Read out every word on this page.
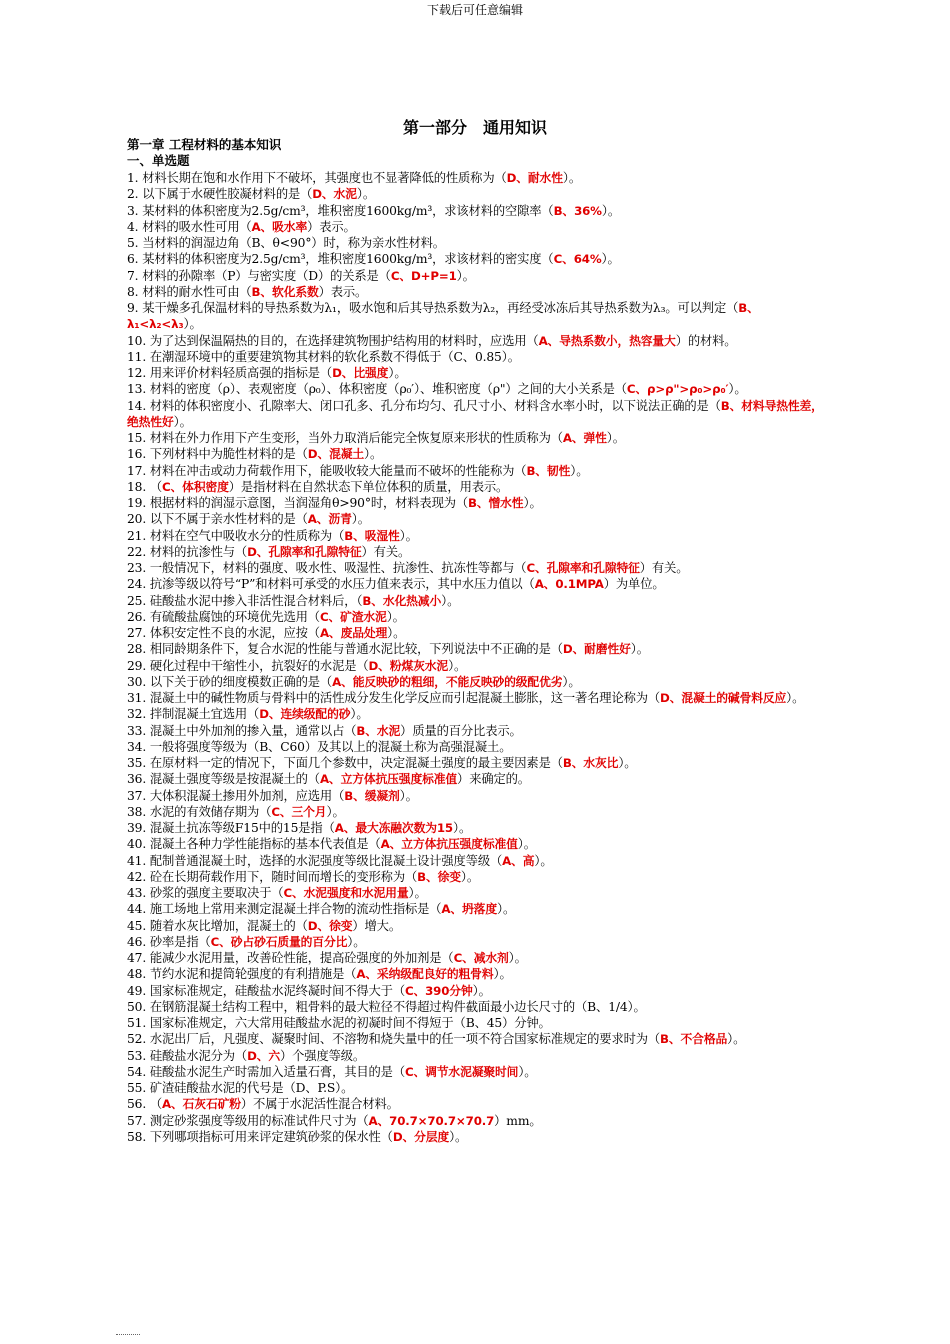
下载后可任意编辑
第一部分　通用知识
第一章 工程材料的基本知识
一、单选题

1. 材料长期在饱和水作用下不破坏，其强度也不显著降低的性质称为（D、耐水性）。

2. 以下属于水硬性胶凝材料的是（D、水泥）。

3. 某材料的体积密度为2.5g/cm³，堆积密度1600kg/m³，求该材料的空隙率（B、36%）。

4. 材料的吸水性可用（A、吸水率）表示。

5. 当材料的润湿边角（B、θ<90°）时，称为亲水性材料。

6. 某材料的体积密度为2.5g/cm³，堆积密度1600kg/m³，求该材料的密实度（C、64%）。

7. 材料的孙隙率（P）与密实度（D）的关系是（C、D+P=1）。

8. 材料的耐水性可由（B、软化系数）表示。

9. 某干燥多孔保温材料的导热系数为λ₁，吸水饱和后其导热系数为λ₂，再经受冰冻后其导热系数为λ₃。可以判定（B、λ₁<λ₂<λ₃）。

10. 为了达到保温隔热的目的，在选择建筑物围护结构用的材料时，应选用（A、导热系数小，热容量大）的材料。

11. 在潮湿环境中的重要建筑物其材料的软化系数不得低于（C、0.85）。

12. 用来评价材料轻质高强的指标是（D、比强度）。

13. 材料的密度（ρ）、表观密度（ρ₀）、体积密度（ρ₀′）、堆积密度（ρ"）之间的大小关系是（C、ρ>ρ">ρ₀>ρ₀′）。

14. 材料的体积密度小、孔隙率大、闭口孔多、孔分布均匀、孔尺寸小、材料含水率小时，以下说法正确的是（B、材料导热性差，绝热性好）。

15. 材料在外力作用下产生变形，当外力取消后能完全恢复原来形状的性质称为（A、弹性）。

16. 下列材料中为脆性材料的是（D、混凝土）。

17. 材料在冲击或动力荷载作用下，能吸收较大能量而不破坏的性能称为（B、韧性）。

18. （C、体积密度）是指材料在自然状态下单位体积的质量，用表示。

19. 根据材料的润湿示意图，当润湿角θ>90°时，材料表现为（B、憎水性）。

20. 以下不属于亲水性材料的是（A、沥青）。

21. 材料在空气中吸收水分的性质称为（B、吸湿性）。

22. 材料的抗渗性与（D、孔隙率和孔隙特征）有关。

23. 一般情况下，材料的强度、吸水性、吸湿性、抗渗性、抗冻性等都与（C、孔隙率和孔隙特征）有关。

24. 抗渗等级以符号“P”和材料可承受的水压力值来表示，其中水压力值以（A、0.1MPA）为单位。

25. 硅酸盐水泥中掺入非活性混合材料后，（B、水化热减小）。

26. 有硫酸盐腐蚀的环境优先选用（C、矿渣水泥）。

27. 体积安定性不良的水泥，应按（A、废品处理）。

28. 相同龄期条件下，复合水泥的性能与普通水泥比较，下列说法中不正确的是（D、耐磨性好）。

29. 硬化过程中干缩性小，抗裂好的水泥是（D、粉煤灰水泥）。

30. 以下关于砂的细度模数正确的是（A、能反映砂的粗细，不能反映砂的级配优劣）。

31. 混凝土中的碱性物质与骨料中的活性成分发生化学反应而引起混凝土膨胀，这一著名理论称为（D、混凝土的碱骨料反应）。

32. 拌制混凝土宜选用（D、连续级配的砂）。

33. 混凝土中外加剂的掺入量，通常以占（B、水泥）质量的百分比表示。

34. 一般将强度等级为（B、C60）及其以上的混凝土称为高强混凝土。

35. 在原材料一定的情况下，下面几个参数中，决定混凝土强度的最主要因素是（B、水灰比）。

36. 混凝土强度等级是按混凝土的（A、立方体抗压强度标准值）来确定的。

37. 大体积混凝土掺用外加剂，应选用（B、缓凝剂）。

38. 水泥的有效储存期为（C、三个月）。

39. 混凝土抗冻等级F15中的15是指（A、最大冻融次数为15）。

40. 混凝土各种力学性能指标的基本代表值是（A、立方体抗压强度标准值）。

41. 配制普通混凝土时，选择的水泥强度等级比混凝土设计强度等级（A、高）。

42. 砼在长期荷载作用下，随时间而增长的变形称为（B、徐变）。

43. 砂浆的强度主要取决于（C、水泥强度和水泥用量）。

44. 施工场地上常用来测定混凝土拌合物的流动性指标是（A、坍落度）。

45. 随着水灰比增加，混凝土的（D、徐变）增大。

46. 砂率是指（C、砂占砂石质量的百分比）。

47. 能减少水泥用量，改善砼性能，提高砼强度的外加剂是（C、减水剂）。

48. 节约水泥和提筒轮强度的有利措施是（A、采纳级配良好的粗骨料）。

49. 国家标准规定，硅酸盐水泥终凝时间不得大于（C、390分钟）。

50. 在钢筋混凝土结构工程中，粗骨料的最大粒径不得超过构件截面最小边长尺寸的（B、1/4）。

51. 国家标准规定，六大常用硅酸盐水泥的初凝时间不得短于（B、45）分钟。

52. 水泥出厂后，凡强度、凝聚时间、不溶物和烧失量中的任一项不符合国家标准规定的要求时为（B、不合格品）。

53. 硅酸盐水泥分为（D、六）个强度等级。

54. 硅酸盐水泥生产时需加入适量石膏，其目的是（C、调节水泥凝聚时间）。

55. 矿渣硅酸盐水泥的代号是（D、P.S）。

56. （A、石灰石矿粉）不属于水泥活性混合材料。

57. 测定砂浆强度等级用的标准试件尺寸为（A、70.7×70.7×70.7）mm。

58. 下列哪项指标可用来评定建筑砂浆的保水性（D、分层度）。
